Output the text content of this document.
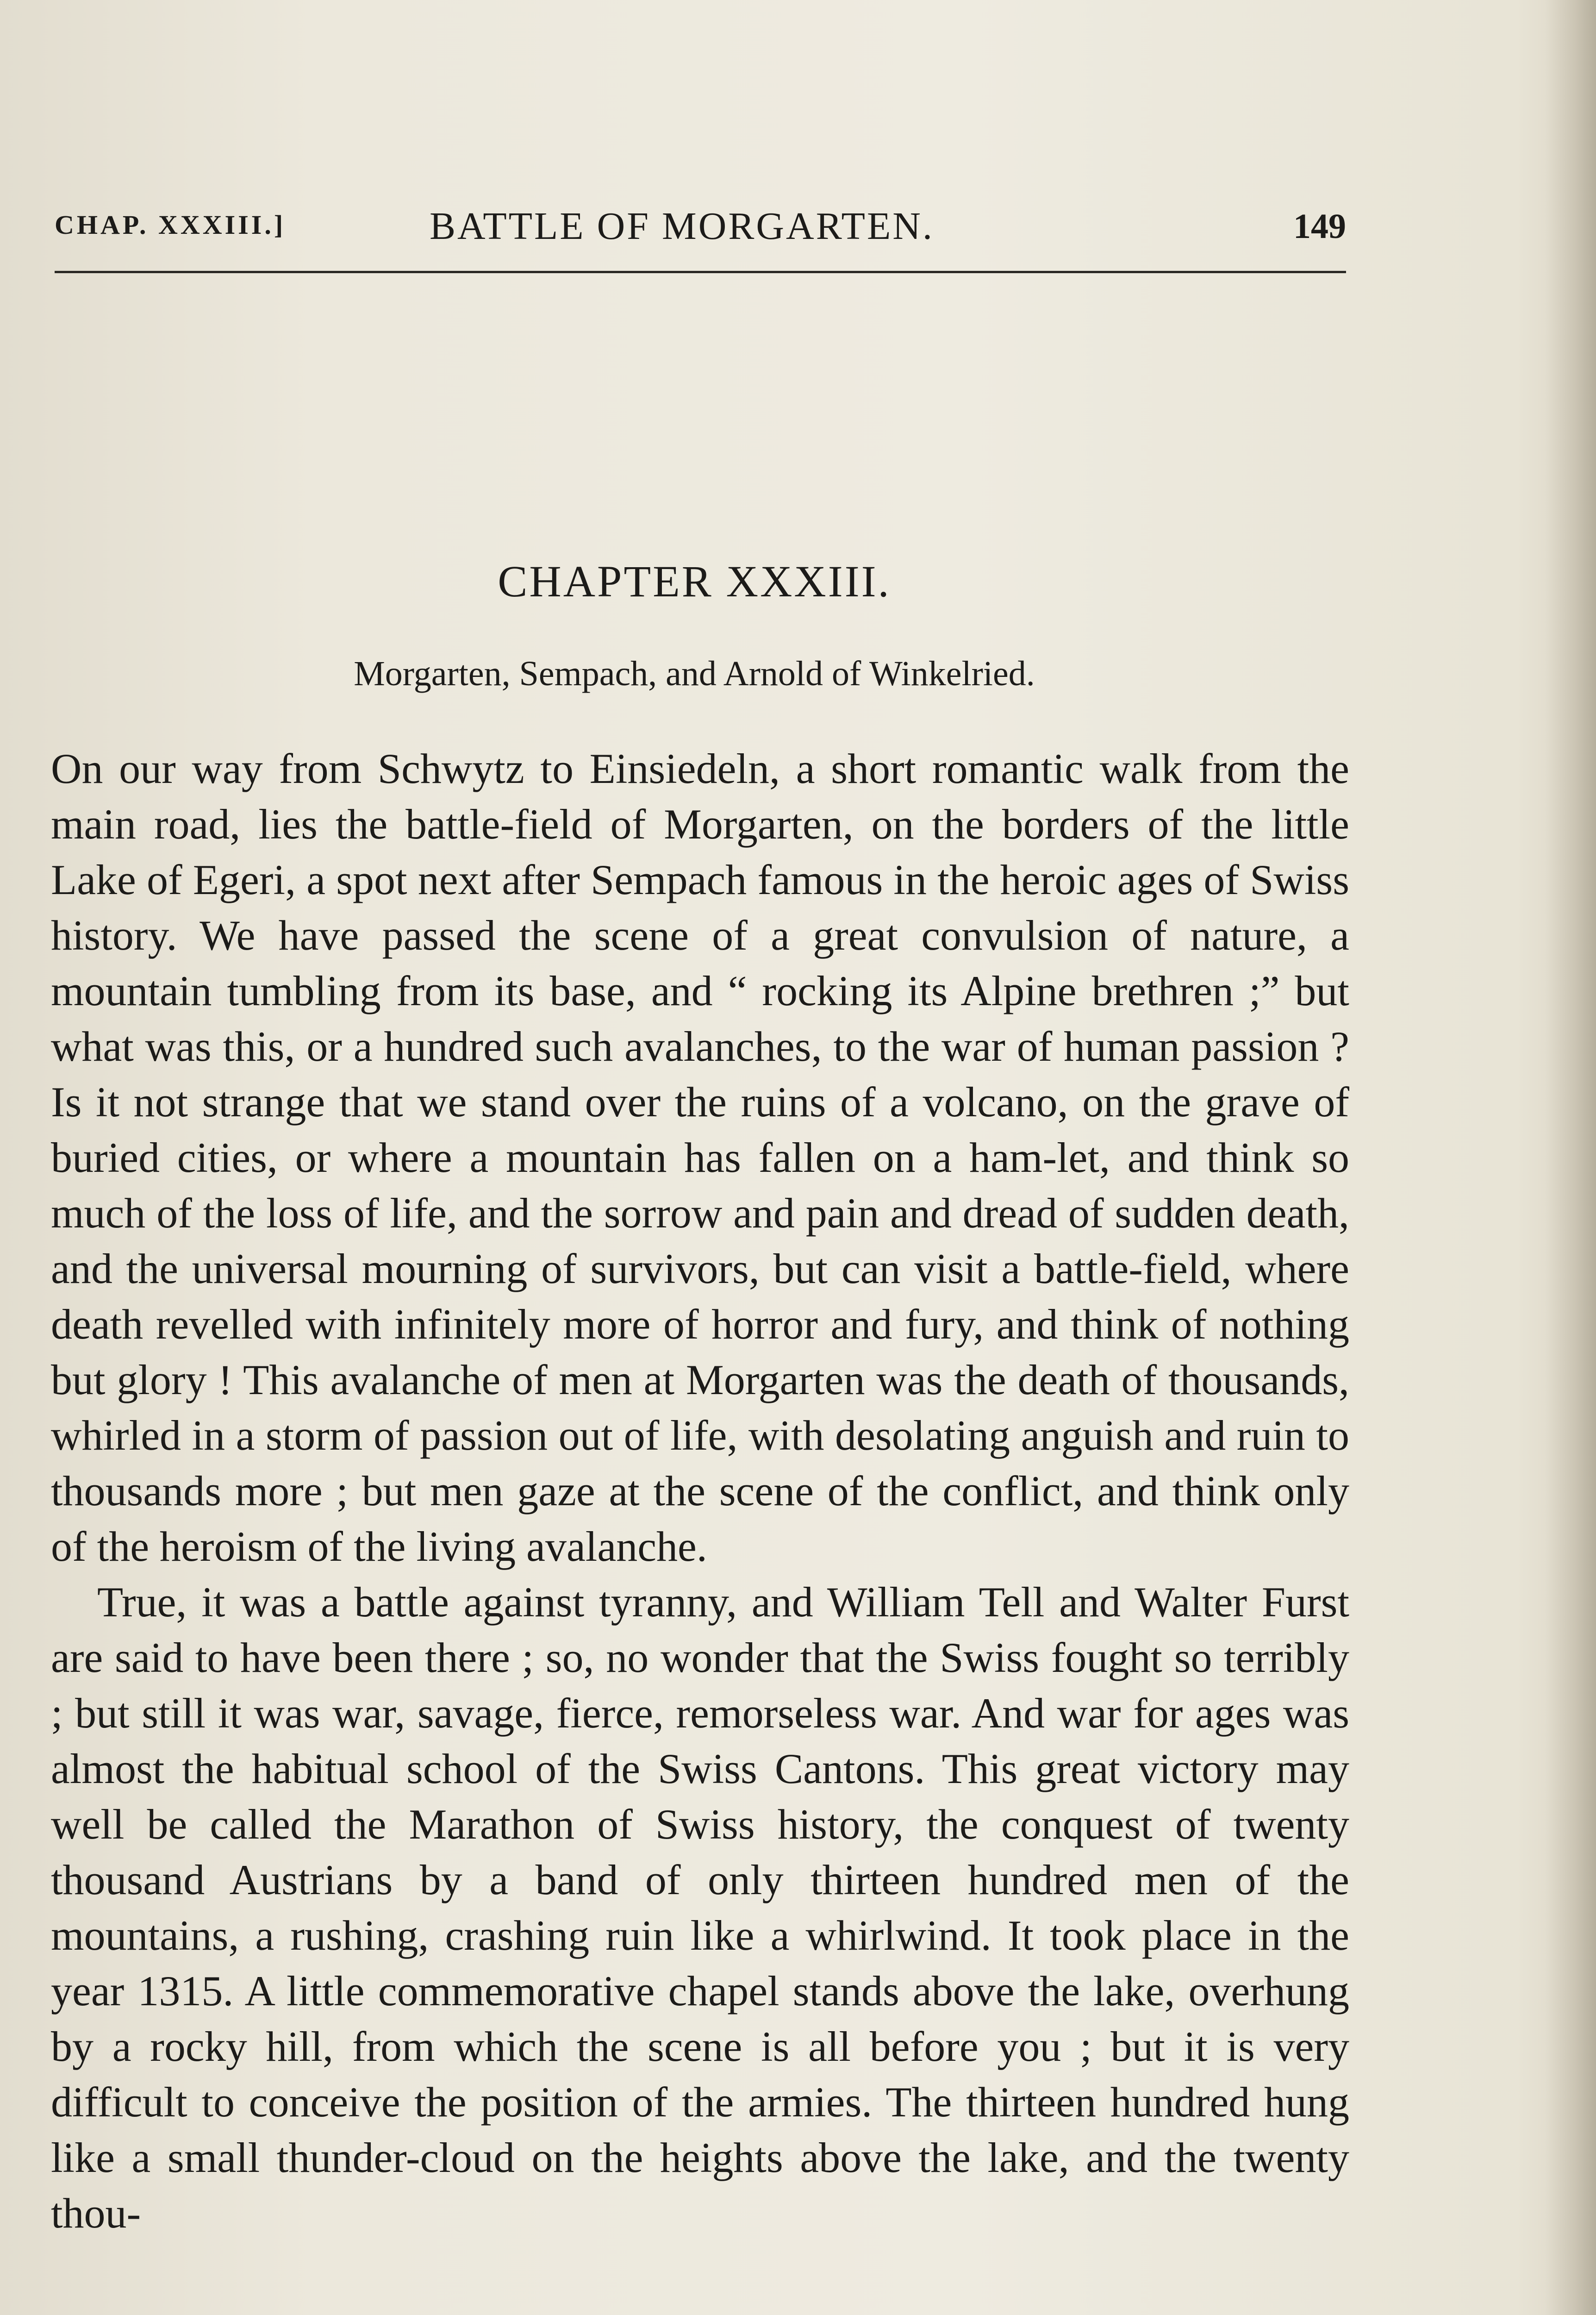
CHAP. XXXIII.]	BATTLE OF MORGARTEN.	149
CHAPTER XXXIII.
Morgarten, Sempach, and Arnold of Winkelried.

On our way from Schwytz to Einsiedeln, a short romantic walk from the main road, lies the battle-field of Morgarten, on the borders of the little Lake of Egeri, a spot next after Sempach famous in the heroic ages of Swiss history. We have passed the scene of a great convulsion of nature, a mountain tumbling from its base, and “ rocking its Alpine brethren ;” but what was this, or a hundred such avalanches, to the war of human passion ? Is it not strange that we stand over the ruins of a volcano, on the grave of buried cities, or where a mountain has fallen on a ham-let, and think so much of the loss of life, and the sorrow and pain and dread of sudden death, and the universal mourning of survivors, but can visit a battle-field, where death revelled with infinitely more of horror and fury, and think of nothing but glory ! This avalanche of men at Morgarten was the death of thousands, whirled in a storm of passion out of life, with desolating anguish and ruin to thousands more ; but men gaze at the scene of the conflict, and think only of the heroism of the living avalanche.

True, it was a battle against tyranny, and William Tell and Walter Furst are said to have been there ; so, no wonder that the Swiss fought so terribly ; but still it was war, savage, fierce, remorseless war. And war for ages was almost the habitual school of the Swiss Cantons. This great victory may well be called the Marathon of Swiss history, the conquest of twenty thousand Austrians by a band of only thirteen hundred men of the mountains, a rushing, crashing ruin like a whirlwind. It took place in the year 1315. A little commemorative chapel stands above the lake, overhung by a rocky hill, from which the scene is all before you ; but it is very difficult to conceive the position of the armies. The thirteen hundred hung like a small thunder-cloud on the heights above the lake, and the twenty thou-
